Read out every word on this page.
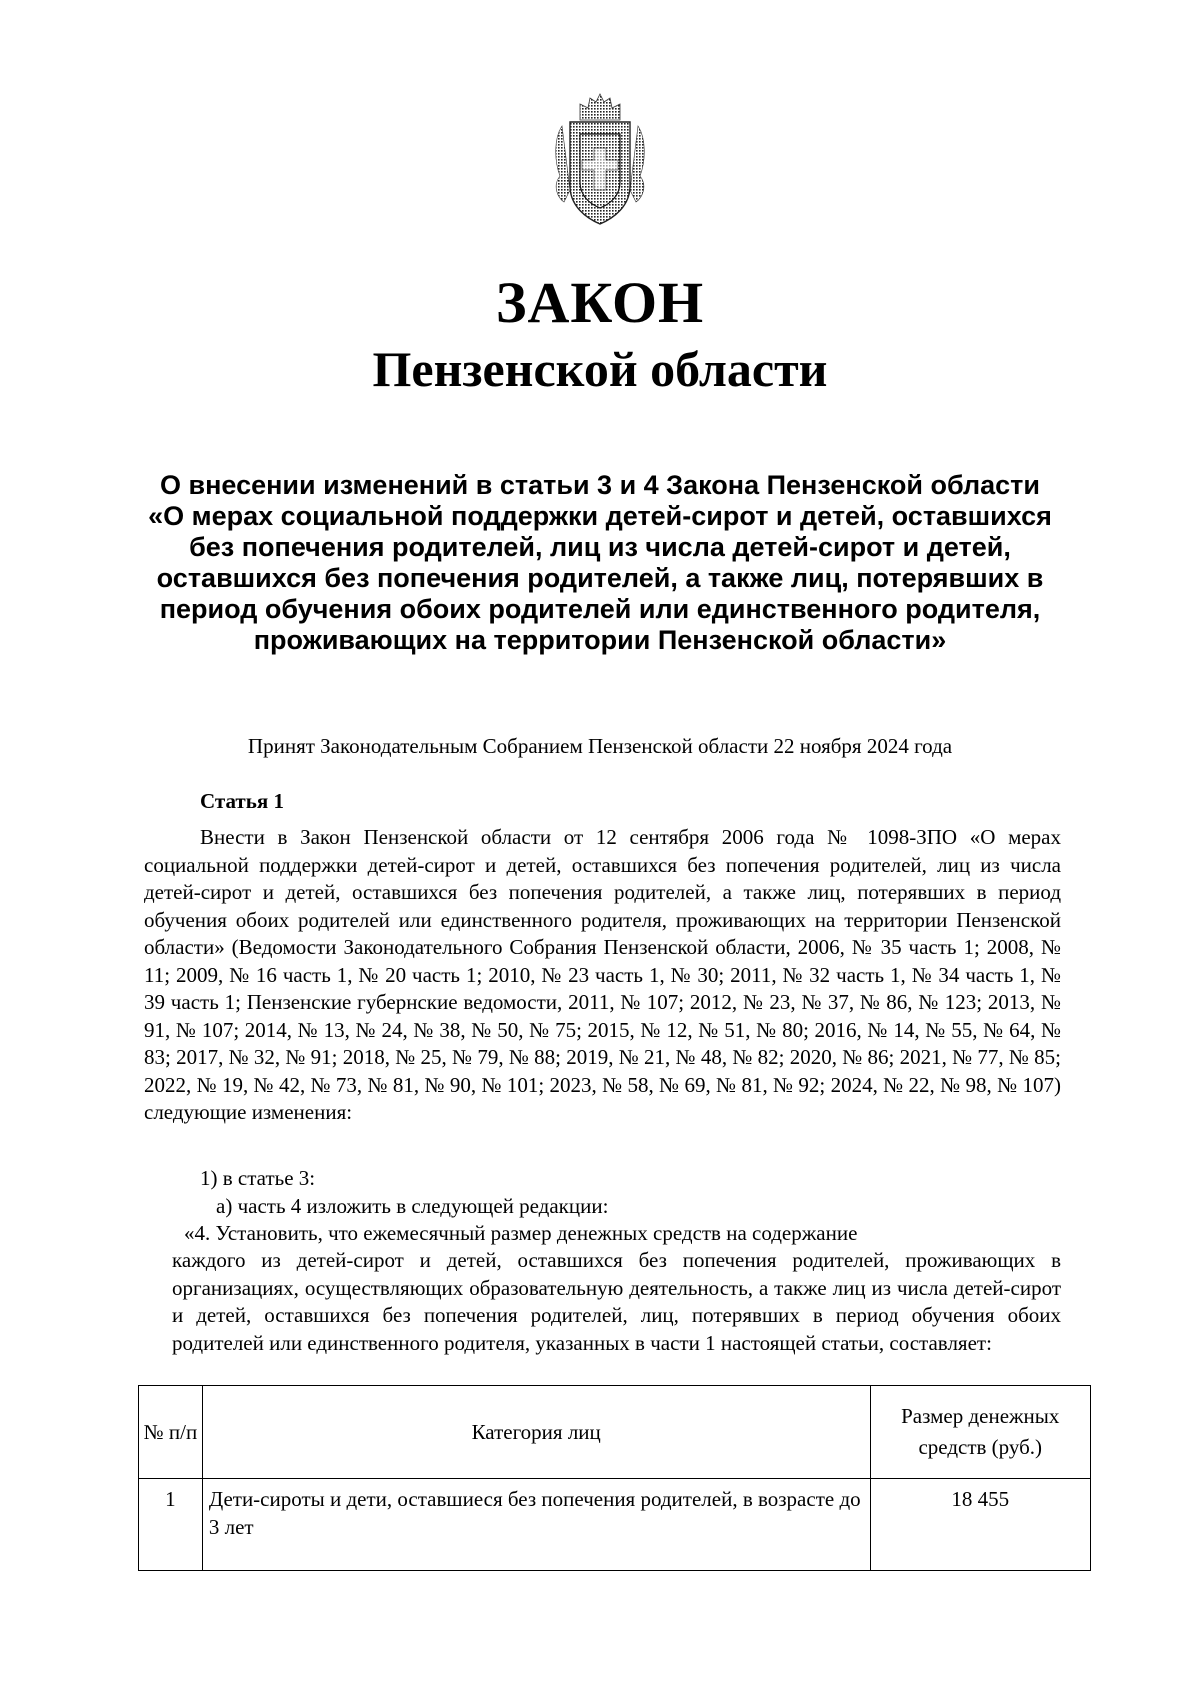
ЗАКОН
Пензенской области
О внесении изменений в статьи 3 и 4 Закона Пензенской области «О мерах социальной поддержки детей-сирот и детей, оставшихся без попечения родителей, лиц из числа детей-сирот и детей, оставшихся без попечения родителей, а также лиц, потерявших в период обучения обоих родителей или единственного родителя, проживающих на территории Пензенской области»
Принят Законодательным Собранием Пензенской области 22 ноября 2024 года
Статья 1
Внести в Закон Пензенской области от 12 сентября 2006 года № 1098-ЗПО «О мерах социальной поддержки детей-сирот и детей, оставшихся без попечения родителей, лиц из числа детей-сирот и детей, оставшихся без попечения родителей, а также лиц, потерявших в период обучения обоих родителей или единственного родителя, проживающих на территории Пензенской области» (Ведомости Законодательного Собрания Пензенской области, 2006, № 35 часть 1; 2008, № 11; 2009, № 16 часть 1, № 20 часть 1; 2010, № 23 часть 1, № 30; 2011, № 32 часть 1, № 34 часть 1, № 39 часть 1; Пензенские губернские ведомости, 2011, № 107; 2012, № 23, № 37, № 86, № 123; 2013, № 91, № 107; 2014, № 13, № 24, № 38, № 50, № 75; 2015, № 12, № 51, № 80; 2016, № 14, № 55, № 64, № 83; 2017, № 32, № 91; 2018, № 25, № 79, № 88; 2019, № 21, № 48, № 82; 2020, № 86; 2021, № 77, № 85; 2022, № 19, № 42, № 73, № 81, № 90, № 101; 2023, № 58, № 69, № 81, № 92; 2024, № 22, № 98, № 107) следующие изменения:
1) в статье 3:
а) часть 4 изложить в следующей редакции:
«4. Установить, что ежемесячный размер денежных средств на содержание
каждого из детей-сирот и детей, оставшихся без попечения родителей, проживающих в организациях, осуществляющих образовательную деятельность, а также лиц из числа детей-сирот и детей, оставшихся без попечения родителей, лиц, потерявших в период обучения обоих родителей или единственного родителя, указанных в части 1 настоящей статьи, составляет:
№ п/п	Категория лиц	Размер денежных средств (руб.)
1	Дети-сироты и дети, оставшиеся без попечения родителей, в возрасте до 3 лет	18 455
